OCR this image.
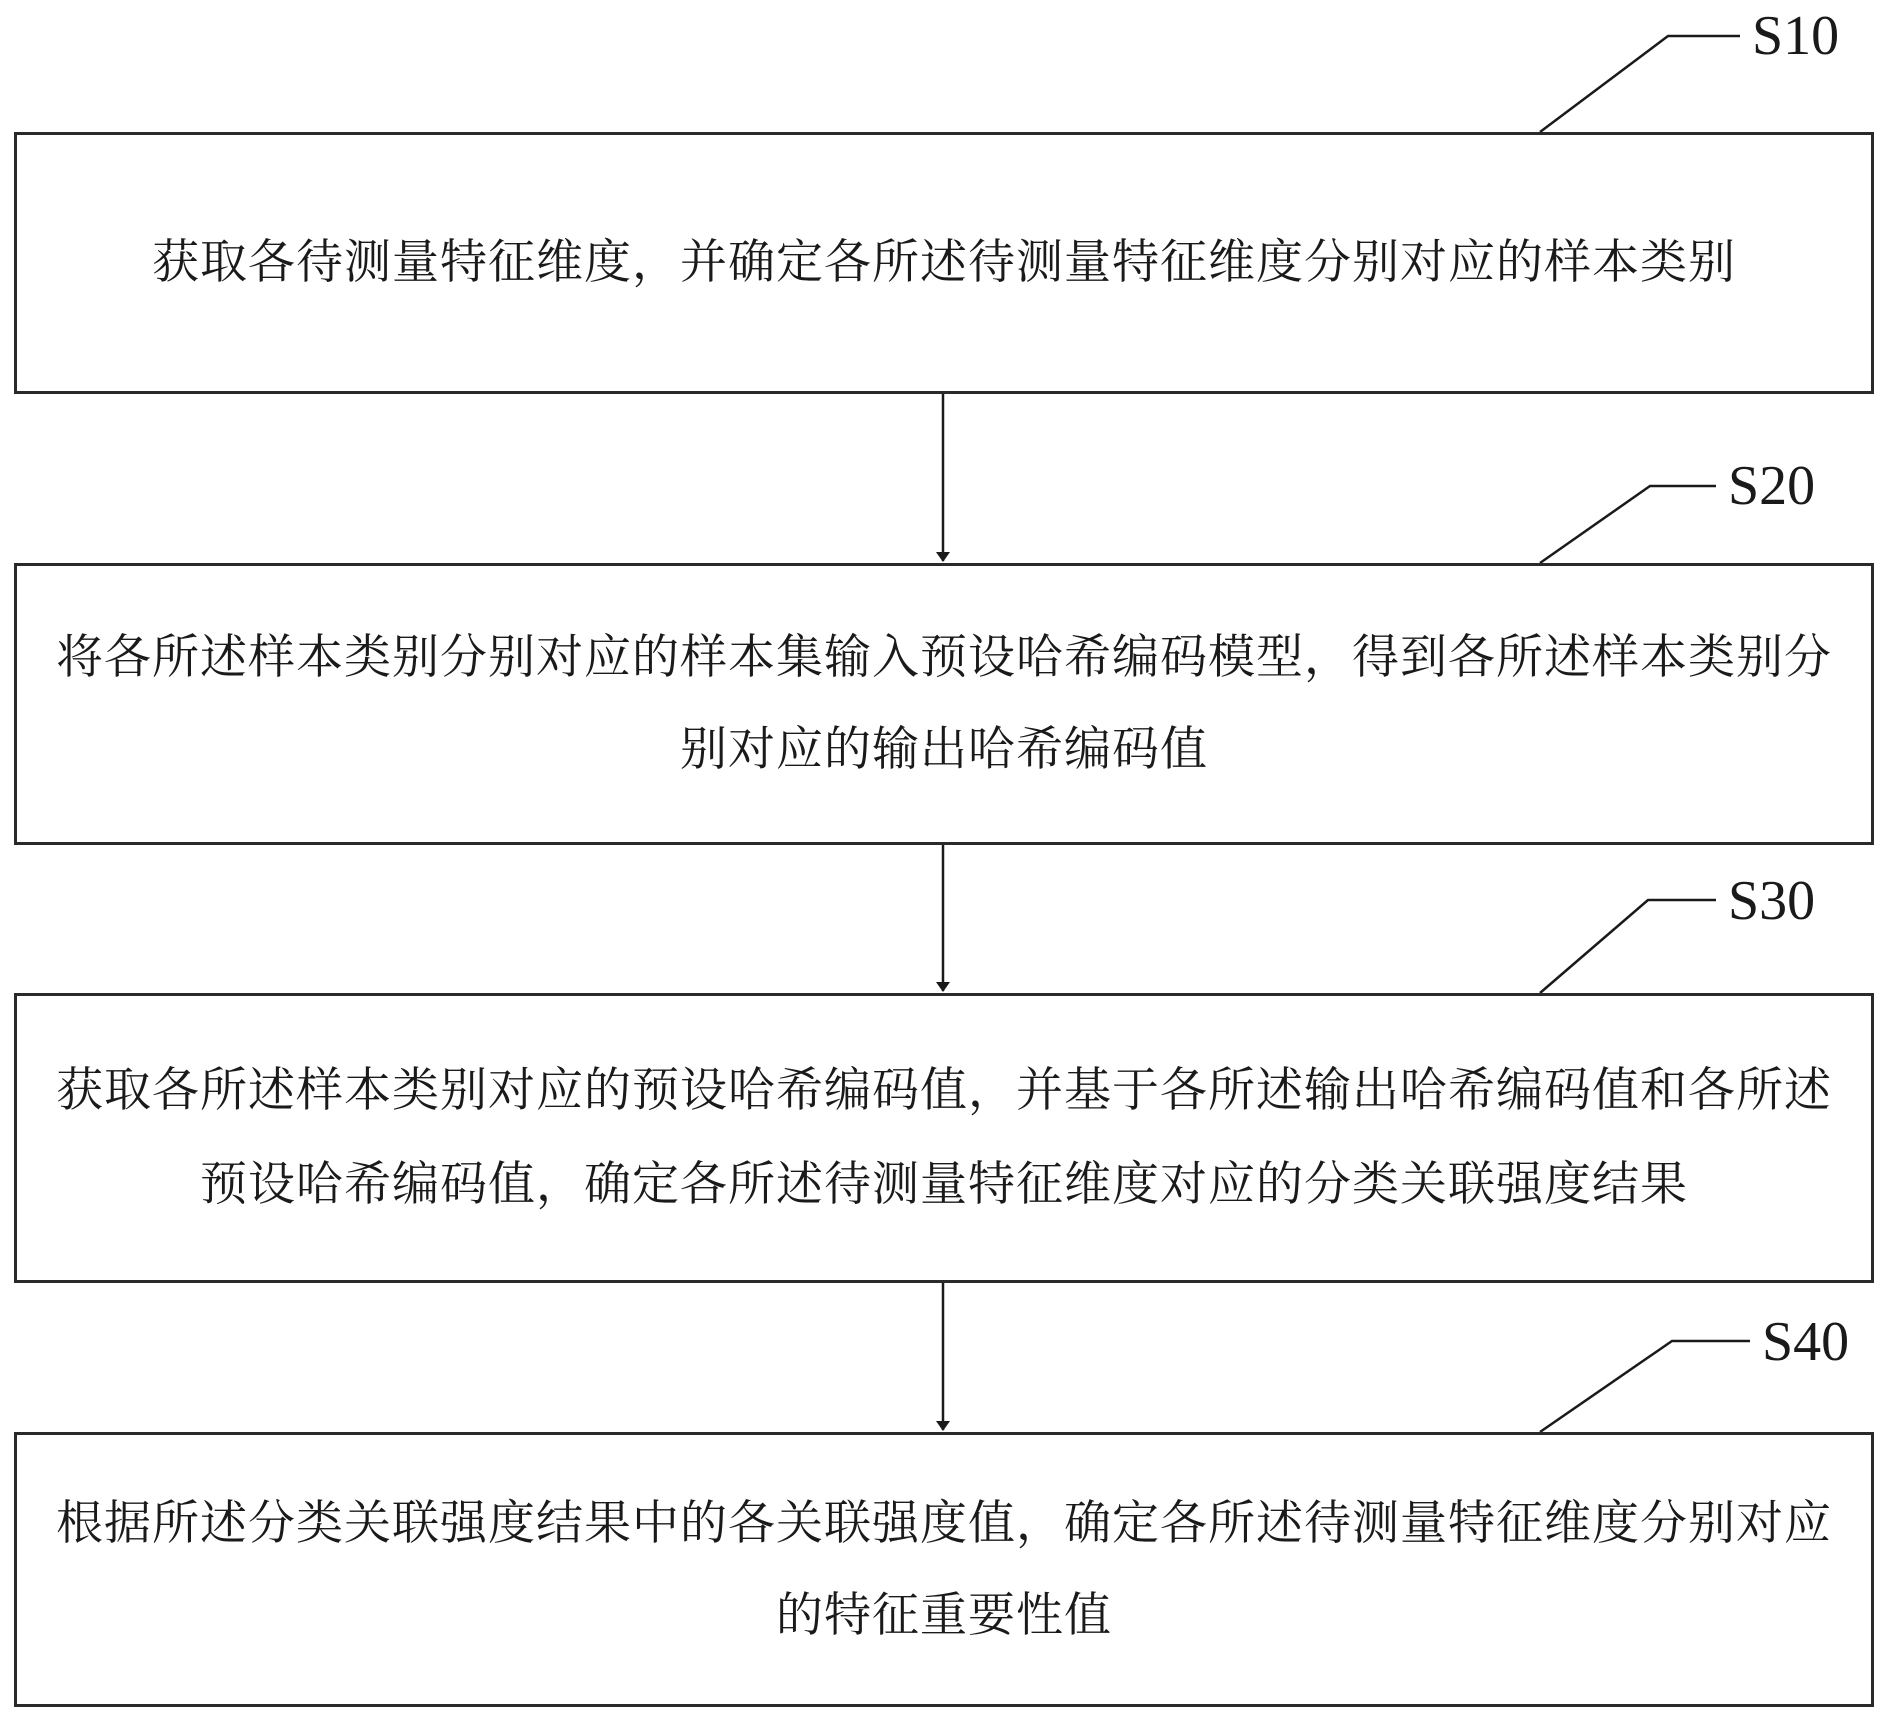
S10
S20
S30
S40
获取各待测量特征维度，并确定各所述待测量特征维度分别对应的样本类别
将各所述样本类别分别对应的样本集输入预设哈希编码模型，得到各所述样本类别分别对应的输出哈希编码值
获取各所述样本类别对应的预设哈希编码值，并基于各所述输出哈希编码值和各所述预设哈希编码值，确定各所述待测量特征维度对应的分类关联强度结果
根据所述分类关联强度结果中的各关联强度值，确定各所述待测量特征维度分别对应的特征重要性值
